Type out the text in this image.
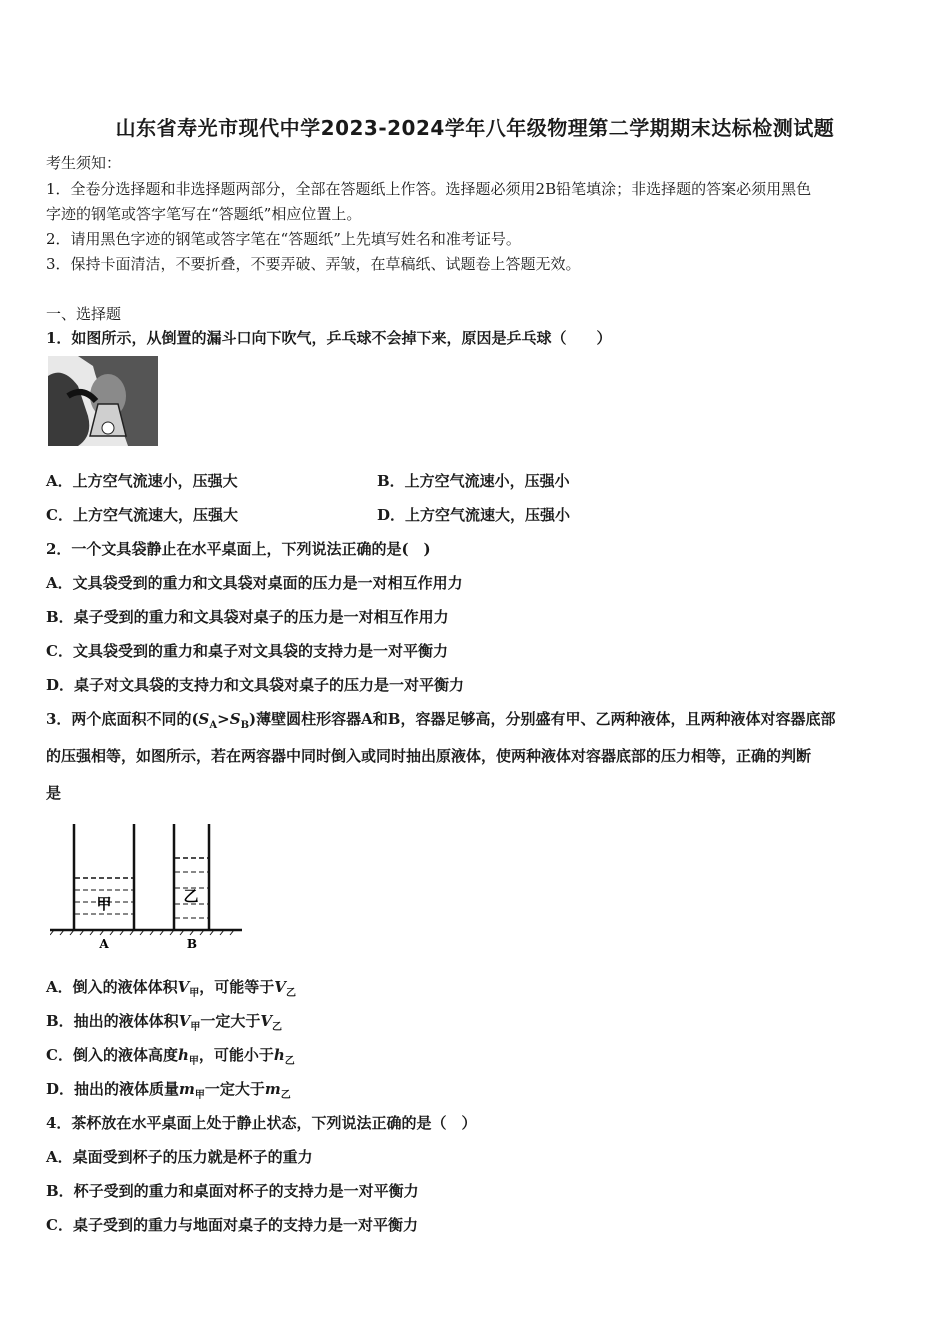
山东省寿光市现代中学2023-2024学年八年级物理第二学期期末达标检测试题
考生须知：
1．全卷分选择题和非选择题两部分，全部在答题纸上作答。选择题必须用2B铅笔填涂；非选择题的答案必须用黑色
字迹的钢笔或答字笔写在“答题纸”相应位置上。
2．请用黑色字迹的钢笔或答字笔在“答题纸”上先填写姓名和准考证号。
3．保持卡面清洁，不要折叠，不要弄破、弄皱，在草稿纸、试题卷上答题无效。
一、选择题
1．如图所示，从倒置的漏斗口向下吹气，乒乓球不会掉下来，原因是乒乓球（　　）
A．上方空气流速小，压强大	B．上方空气流速小，压强小
C．上方空气流速大，压强大	D．上方空气流速大，压强小
2．一个文具袋静止在水平桌面上，下列说法正确的是(　)
A．文具袋受到的重力和文具袋对桌面的压力是一对相互作用力
B．桌子受到的重力和文具袋对桌子的压力是一对相互作用力
C．文具袋受到的重力和桌子对文具袋的支持力是一对平衡力
D．桌子对文具袋的支持力和文具袋对桌子的压力是一对平衡力
3．两个底面积不同的$(S_A>S_B)$薄壁圆柱形容器A和B，容器足够高，分别盛有甲、乙两种液体，且两种液体对容器底部
的压强相等，如图所示，若在两容器中同时倒入或同时抽出原液体，使两种液体对容器底部的压力相等，正确的判断
是
甲	乙
A	B
A．倒入的液体体积$V_甲$，可能等于$V_乙$
B．抽出的液体体积$V_甲$一定大于$V_乙$
C．倒入的液体高度$h_甲$，可能小于$h_乙$
D．抽出的液体质量$m_甲$一定大于$m_乙$
4．茶杯放在水平桌面上处于静止状态，下列说法正确的是（　）
A．桌面受到杯子的压力就是杯子的重力
B．杯子受到的重力和桌面对杯子的支持力是一对平衡力
C．桌子受到的重力与地面对桌子的支持力是一对平衡力
